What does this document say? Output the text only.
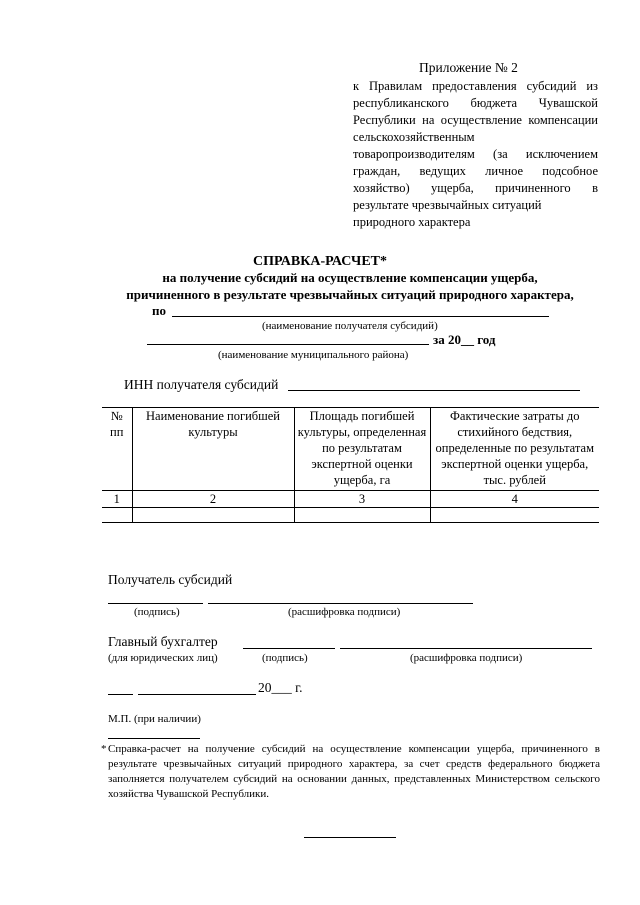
Приложение № 2
к Правилам предоставления субсидий из республиканского бюджета Чувашской Республики на осуществление компенсации сельскохозяйственным товаропроизводителям (за исключением граждан, ведущих личное подсобное хозяйство) ущерба, причиненного в результате чрезвычайных ситуаций
природного характера
СПРАВКА-РАСЧЕТ*
на получение субсидий на осуществление компенсации ущерба,
причиненного в результате чрезвычайных ситуаций природного характера,
по
(наименование получателя субсидий)
за 20__ год
(наименование муниципального района)
ИНН получателя субсидий
№ пп	Наименование погибшей культуры	Площадь погибшей культуры, определенная по результатам экспертной оценки ущерба, га	Фактические затраты до стихийного бедствия, определенные по результатам экспертной оценки ущерба, тыс. рублей
1	2	3	4

Получатель субсидий
(подпись)	(расшифровка подписи)
Главный бухгалтер
(для юридических лиц)	(подпись)	(расшифровка подписи)
20___ г.
М.П. (при наличии)
* Справка-расчет на получение субсидий на осуществление компенсации ущерба, причиненного в результате чрезвычайных ситуаций природного характера, за счет средств федерального бюджета заполняется получателем субсидий на основании данных, представленных Министерством сельского хозяйства Чувашской Республики.
